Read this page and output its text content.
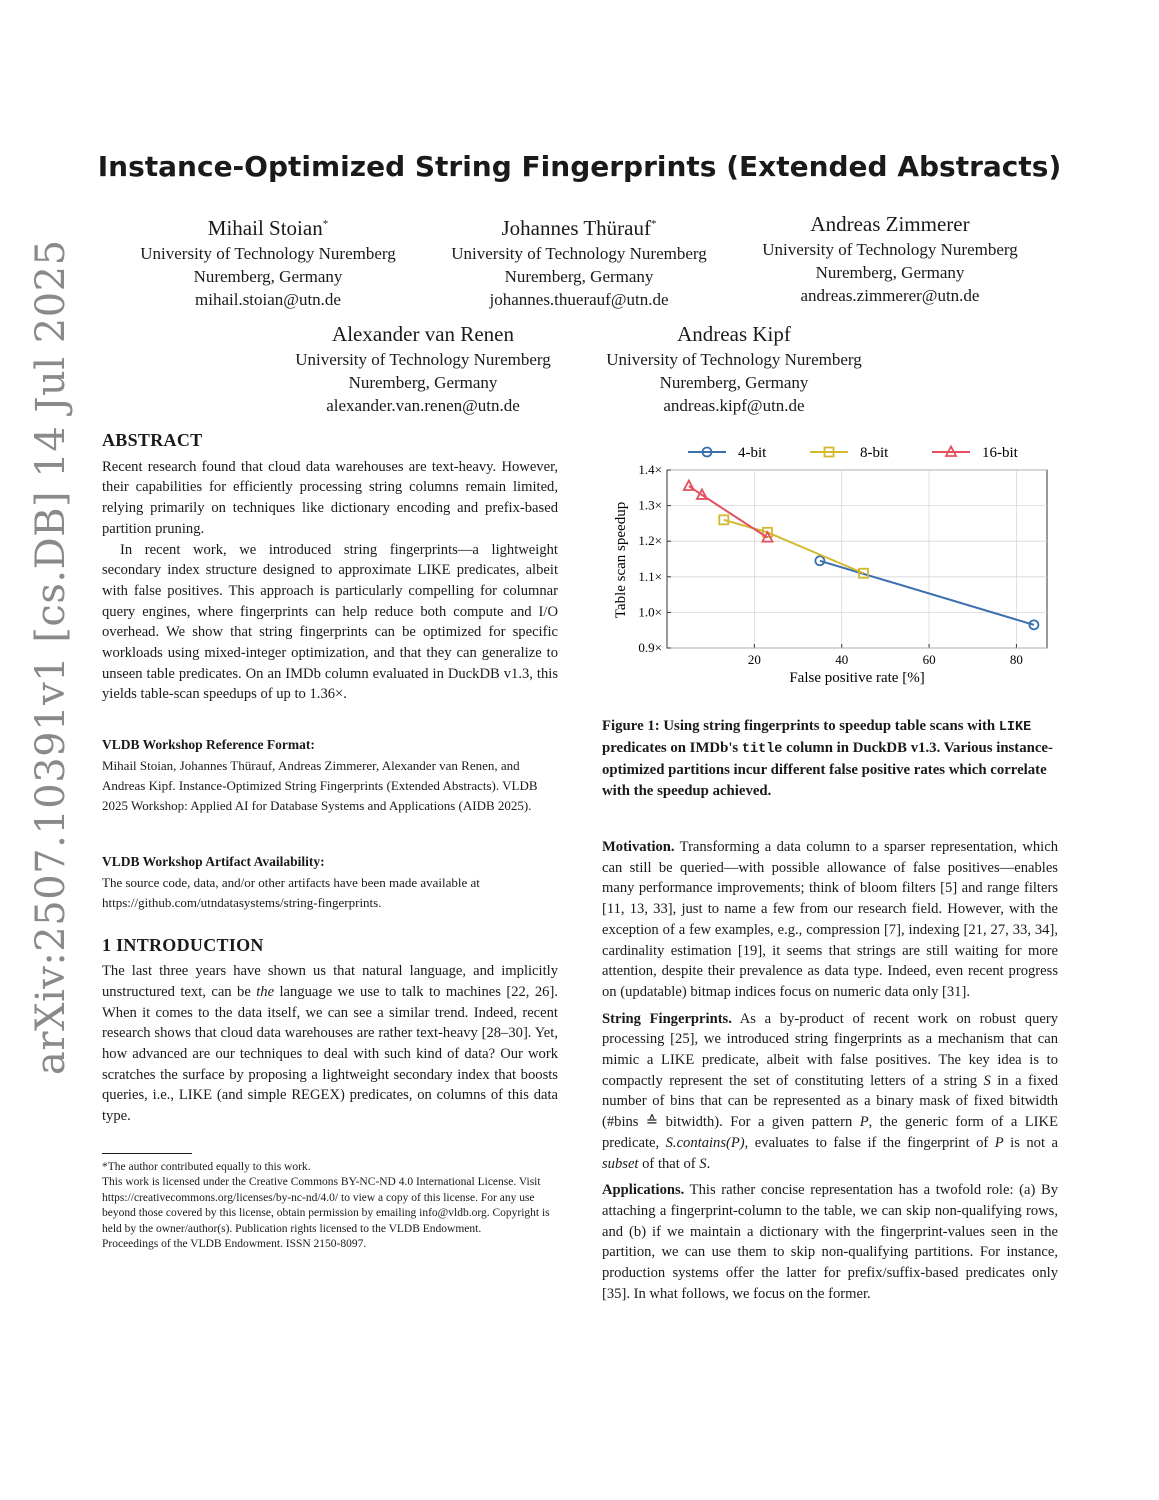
arXiv:2507.10391v1 [cs.DB] 14 Jul 2025
Instance-Optimized String Fingerprints (Extended Abstracts)
Mihail Stoian*
University of Technology Nuremberg
Nuremberg, Germany
mihail.stoian@utn.de
Johannes Thürauf*
University of Technology Nuremberg
Nuremberg, Germany
johannes.thuerauf@utn.de
Andreas Zimmerer
University of Technology Nuremberg
Nuremberg, Germany
andreas.zimmerer@utn.de
Alexander van Renen
University of Technology Nuremberg
Nuremberg, Germany
alexander.van.renen@utn.de
Andreas Kipf
University of Technology Nuremberg
Nuremberg, Germany
andreas.kipf@utn.de
ABSTRACT

Recent research found that cloud data warehouses are text-heavy. However, their capabilities for efficiently processing string columns remain limited, relying primarily on techniques like dictionary encoding and prefix-based partition pruning.

In recent work, we introduced string fingerprints—a lightweight secondary index structure designed to approximate LIKE predicates, albeit with false positives. This approach is particularly compelling for columnar query engines, where fingerprints can help reduce both compute and I/O overhead. We show that string fingerprints can be optimized for specific workloads using mixed-integer optimization, and that they can generalize to unseen table predicates. On an IMDb column evaluated in DuckDB v1.3, this yields table-scan speedups of up to 1.36×.

VLDB Workshop Reference Format:

Mihail Stoian, Johannes Thürauf, Andreas Zimmerer, Alexander van Renen, and Andreas Kipf. Instance-Optimized String Fingerprints (Extended Abstracts). VLDB 2025 Workshop: Applied AI for Database Systems and Applications (AIDB 2025).

VLDB Workshop Artifact Availability:

The source code, data, and/or other artifacts have been made available at https://github.com/utndatasystems/string-fingerprints.

1 INTRODUCTION

The last three years have shown us that natural language, and implicitly unstructured text, can be the language we use to talk to machines [22, 26]. When it comes to the data itself, we can see a similar trend. Indeed, recent research shows that cloud data warehouses are rather text-heavy [28–30]. Yet, how advanced are our techniques to deal with such kind of data? Our work scratches the surface by proposing a lightweight secondary index that boosts queries, i.e., LIKE (and simple REGEX) predicates, on columns of this data type.

*The author contributed equally to this work.

This work is licensed under the Creative Commons BY-NC-ND 4.0 International License. Visit https://creativecommons.org/licenses/by-nc-nd/4.0/ to view a copy of this license. For any use beyond those covered by this license, obtain permission by emailing info@vldb.org. Copyright is held by the owner/author(s). Publication rights licensed to the VLDB Endowment.

Proceedings of the VLDB Endowment. ISSN 2150-8097.

20	40	60	80
0.9×
1.0×
1.1×
1.2×
1.3×
1.4×
4-bit	8-bit	16-bit
Table scan speedup
False positive rate [%]
Figure 1: Using string fingerprints to speedup table scans with LIKE predicates on IMDb's title column in DuckDB v1.3. Various instance-optimized partitions incur different false positive rates which correlate with the speedup achieved.

Motivation. Transforming a data column to a sparser representation, which can still be queried—with possible allowance of false positives—enables many performance improvements; think of bloom filters [5] and range filters [11, 13, 33], just to name a few from our research field. However, with the exception of a few examples, e.g., compression [7], indexing [21, 27, 33, 34], cardinality estimation [19], it seems that strings are still waiting for more attention, despite their prevalence as data type. Indeed, even recent progress on (updatable) bitmap indices focus on numeric data only [31].

String Fingerprints. As a by-product of recent work on robust query processing [25], we introduced string fingerprints as a mechanism that can mimic a LIKE predicate, albeit with false positives. The key idea is to compactly represent the set of constituting letters of a string S in a fixed number of bins that can be represented as a binary mask of fixed bitwidth (#bins ≙ bitwidth). For a given pattern P, the generic form of a LIKE predicate, S.contains(P), evaluates to false if the fingerprint of P is not a subset of that of S.

Applications. This rather concise representation has a twofold role: (a) By attaching a fingerprint-column to the table, we can skip non-qualifying rows, and (b) if we maintain a dictionary with the fingerprint-values seen in the partition, we can use them to skip non-qualifying partitions. For instance, production systems offer the latter for prefix/suffix-based predicates only [35]. In what follows, we focus on the former.
